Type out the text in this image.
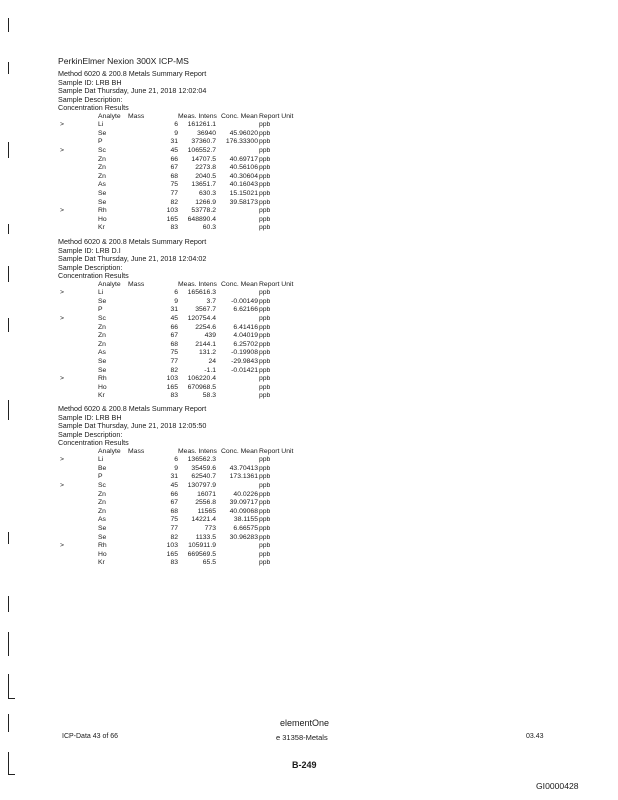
PerkinElmer Nexion 300X ICP-MS
Method 6020 & 200.8 Metals Summary Report
Sample ID: LRB BH
Sample Dat Thursday, June 21, 2018 12:02:04
Sample Description:
Concentration Results
Analyte Mass	Meas. Intens Conc. Mean Report Unit
>	Li	6	161261.1	ppb
Se	9	36940	45.96020 ppb
P	31	37360.7	176.33300 ppb
>	Sc	45	106552.7	ppb
Zn	66	14707.5	40.69717 ppb
Zn	67	2273.8	40.56106 ppb
Zn	68	2040.5	40.30604 ppb
As	75	13651.7	40.16043 ppb
Se	77	630.3	15.15021 ppb
Se	82	1266.9	39.58173 ppb
>	Rh	103	53778.2	ppb
Ho	165	648890.4	ppb
Kr	83	60.3	ppb
Method 6020 & 200.8 Metals Summary Report
Sample ID: LRB D.I
Sample Dat Thursday, June 21, 2018 12:04:02
Sample Description:
Concentration Results
Analyte Mass	Meas. Intens Conc. Mean Report Unit
>	Li	6	165616.3	ppb
Se	9	3.7	-0.00149 ppb
P	31	3567.7	6.62166 ppb
>	Sc	45	120754.4	ppb
Zn	66	2254.6	6.41416 ppb
Zn	67	439	4.04019 ppb
Zn	68	2144.1	6.25702 ppb
As	75	131.2	-0.19908 ppb
Se	77	24	-29.9843 ppb
Se	82	-1.1	-0.01421 ppb
>	Rh	103	106220.4	ppb
Ho	165	670968.5	ppb
Kr	83	58.3	ppb
Method 6020 & 200.8 Metals Summary Report
Sample ID: LRB BH
Sample Dat Thursday, June 21, 2018 12:05:50
Sample Description:
Concentration Results
Analyte Mass	Meas. Intens Conc. Mean Report Unit
>	Li	6	136562.3	ppb
Be	9	35459.6	43.70413 ppb
P	31	62540.7	173.1361 ppb
>	Sc	45	130797.9	ppb
Zn	66	16071	40.0226 ppb
Zn	67	2556.8	39.09717 ppb
Zn	68	11565	40.09068 ppb
As	75	14221.4	38.1155 ppb
Se	77	773	6.66575 ppb
Se	82	1133.5	30.96283 ppb
>	Rh	103	105911.9	ppb
Ho	165	669569.5	ppb
Kr	83	65.5	ppb
elementOne
ICP-Data 43 of 66	e 31358-Metals	03.43
B-249
GI0000428
